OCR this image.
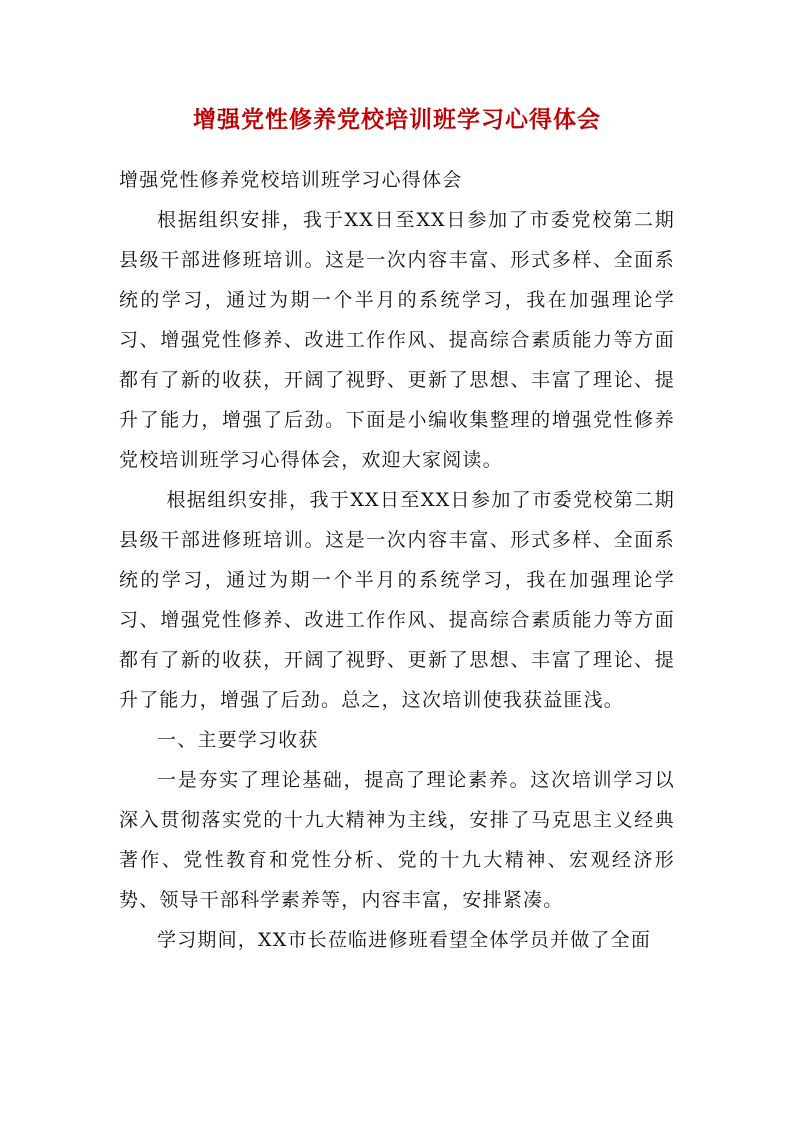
增强党性修养党校培训班学习心得体会

增强党性修养党校培训班学习心得体会

根据组织安排，我于XX日至XX日参加了市委党校第二期县级干部进修班培训。这是一次内容丰富、形式多样、全面系统的学习，通过为期一个半月的系统学习，我在加强理论学习、增强党性修养、改进工作作风、提高综合素质能力等方面都有了新的收获，开阔了视野、更新了思想、丰富了理论、提升了能力，增强了后劲。下面是小编收集整理的增强党性修养党校培训班学习心得体会，欢迎大家阅读。

根据组织安排，我于XX日至XX日参加了市委党校第二期县级干部进修班培训。这是一次内容丰富、形式多样、全面系统的学习，通过为期一个半月的系统学习，我在加强理论学习、增强党性修养、改进工作作风、提高综合素质能力等方面都有了新的收获，开阔了视野、更新了思想、丰富了理论、提升了能力，增强了后劲。总之，这次培训使我获益匪浅。

一、主要学习收获

一是夯实了理论基础，提高了理论素养。这次培训学习以深入贯彻落实党的十九大精神为主线，安排了马克思主义经典著作、党性教育和党性分析、党的十九大精神、宏观经济形势、领导干部科学素养等，内容丰富，安排紧凑。

学习期间，XX市长莅临进修班看望全体学员并做了全面
